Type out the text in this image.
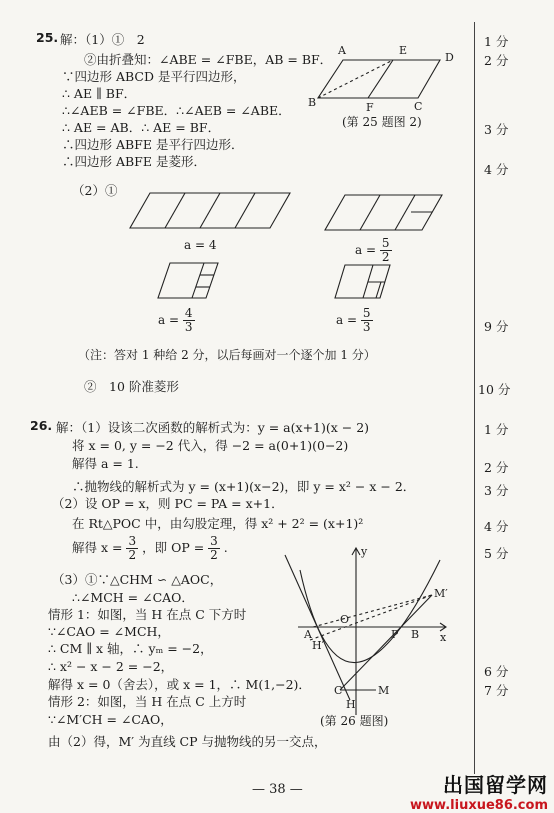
25. 解：（1）①　2
②由折叠知：∠ABE = ∠FBE，AB = BF．
∵四边形 ABCD 是平行四边形，
∴ AE ∥ BF．
∴∠AEB = ∠FBE．∴∠AEB = ∠ABE．
∴ AE = AB．∴ AE = BF．
∴四边形 ABFE 是平行四边形．
∴四边形 ABFE 是菱形．
A	E
D
B	F	C
(第 25 题图 2)
（2）①
a = 4	$a = \frac{5}{2}$
$a = \frac{4}{3}$	$a = \frac{5}{3}$
（注：答对 1 种给 2 分，以后每画对一个逐个加 1 分）
②　10 阶准菱形
26. 解：（1）设该二次函数的解析式为：y = a(x+1)(x − 2)
将 x = 0, y = −2 代入，得 −2 = a(0+1)(0−2)
解得 a = 1.
∴抛物线的解析式为 y = (x+1)(x−2)，即 y = x² − x − 2．
（2）设 OP = x，则 PC = PA = x+1．
在 Rt△POC 中，由勾股定理，得 x² + 2² = (x+1)²
解得 $x = \frac{3}{2}$ ，即 OP = $\frac{3}{2}$ .
（3）①∵△CHM ∽ △AOC，
∴∠MCH = ∠CAO．
情形 1：如图，当 H 在点 C 下方时
∵∠CAO = ∠MCH，
∴ CM ∥ x 轴，∴ yₘ = −2，
∴ x² − x − 2 = −2，
解得 x = 0（舍去），或 x = 1，∴ M(1,−2)．
情形 2：如图，当 H 在点 C 上方时
∵∠M′CH = ∠CAO，
由（2）得，M′ 为直线 CP 与抛物线的另一交点，
y
x
O
A	B
P
C
H
M
M′
H′
(第 26 题图)
1 分
2 分
3 分
4 分
9 分
10 分
1 分
2 分
3 分
4 分
5 分
6 分
7 分
— 38 —	出国留学网
www.liuxue86.com
